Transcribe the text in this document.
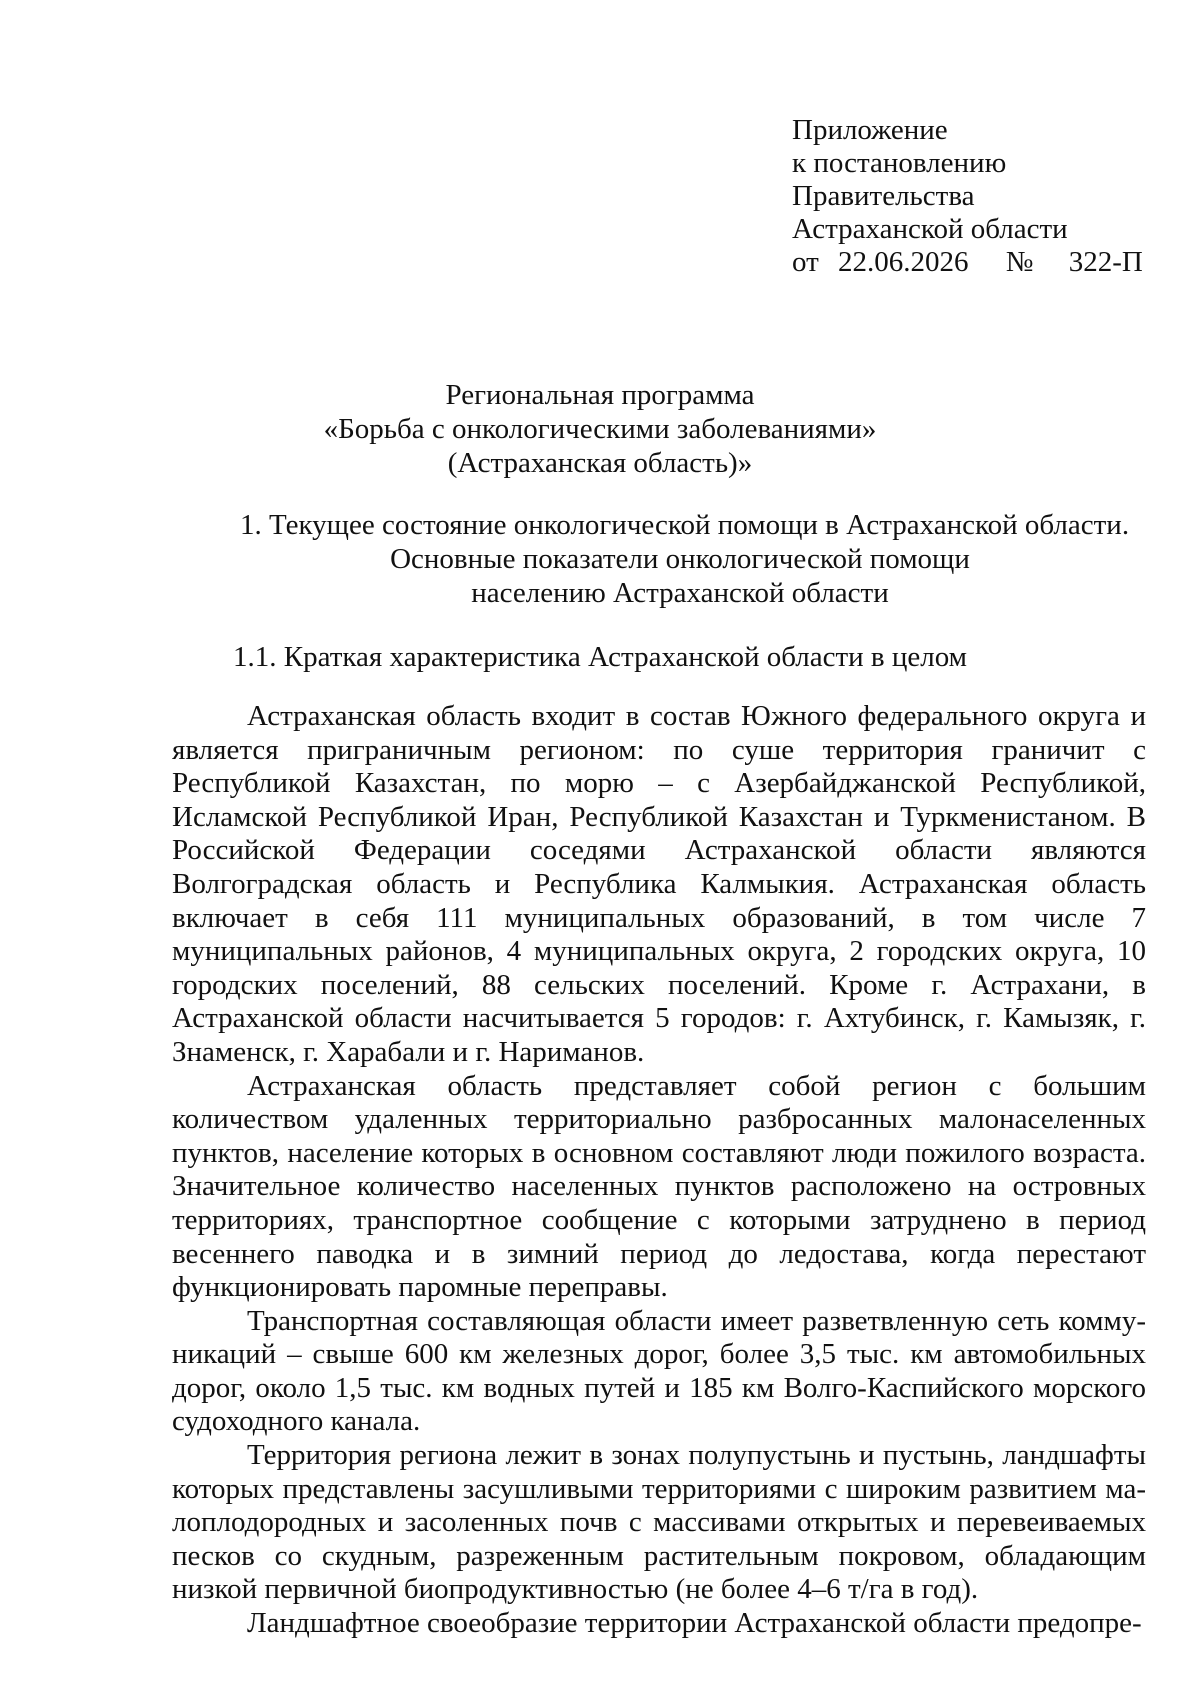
Приложение
к постановлению
Правительства
Астраханской области
от 22.06.2026 № 322-П
Региональная программа
«Борьба с онкологическими заболеваниями»
(Астраханская область)»
1. Текущее состояние онкологической помощи в Астраханской области.
Основные показатели онкологической помощи
населению Астраханской области
1.1. Краткая характеристика Астраханской области в целом

Астраханская область входит в состав Южного федерального округа и является приграничным регионом: по суше территория граничит с Республикой Казахстан, по морю – с Азербайджанской Республикой, Исламской Республикой Иран, Республикой Казахстан и Туркменистаном. В Российской Федерации соседями Астраханской области являются Волгоградская область и Республика Калмыкия. Астраханская область включает в себя 111 муниципальных образований, в том числе 7 муниципальных районов, 4 муниципальных округа, 2 городских округа, 10 городских поселений, 88 сельских поселений. Кроме г. Астрахани, в Астраханской области насчитывается 5 городов: г. Ахтубинск, г. Камызяк, г. Знаменск, г. Харабали и г. Нариманов.

Астраханская область представляет собой регион с большим количеством удаленных территориально разбросанных малонаселенных пунктов, население которых в основном составляют люди пожилого возраста. Значительное количество населенных пунктов расположено на островных территориях, транспортное сообщение с которыми затруднено в период весеннего паводка и в зимний период до ледостава, когда перестают функционировать паромные переправы.

Транспортная составляющая области имеет разветвленную сеть коммуникаций – свыше 600 км железных дорог, более 3,5 тыс. км автомобильных дорог, около 1,5 тыс. км водных путей и 185 км Волго-Каспийского морского судоходного канала.

Территория региона лежит в зонах полупустынь и пустынь, ландшафты которых представлены засушливыми территориями с широким развитием малоплодородных и засоленных почв с массивами открытых и перевеиваемых песков со скудным, разреженным растительным покровом, обладающим низкой первичной биопродуктивностью (не более 4–6 т/га в год).

Ландшафтное своеобразие территории Астраханской области предопре-
